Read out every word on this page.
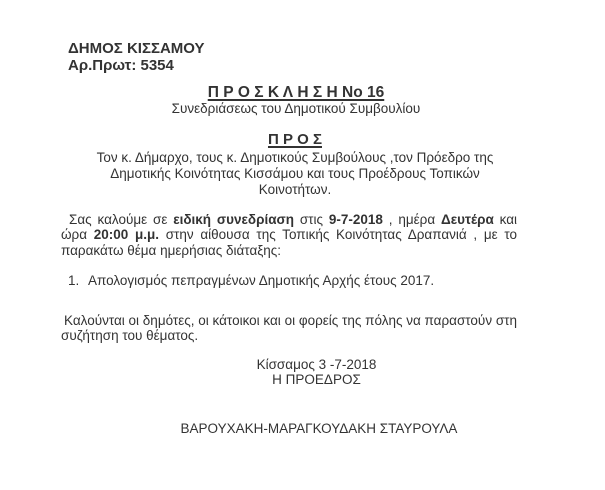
ΔΗΜΟΣ ΚΙΣΣΑΜΟΥ
Αρ.Πρωτ: 5354
Π Ρ Ο Σ Κ Λ Η Σ Η Νο 16
Συνεδριάσεως του Δημοτικού Συμβουλίου
Π Ρ Ο Σ

Τον κ. Δήμαρχο, τους κ. Δημοτικούς Συμβούλους ,τον Πρόεδρο της Δημοτικής Κοινότητας Κισσάμου και τους Προέδρους Τοπικών Κοινοτήτων.

Σας καλούμε σε ειδική συνεδρίαση στις 9-7-2018 , ημέρα Δευτέρα και ώρα 20:00 μ.μ. στην αίθουσα της Τοπικής Κοινότητας Δραπανιά , με το παρακάτω θέμα ημερήσιας διάταξης:

1. Απολογισμός πεπραγμένων Δημοτικής Αρχής έτους 2017.

Καλούνται οι δημότες, οι κάτοικοι και οι φορείς της πόλης να παραστούν στη συζήτηση του θέματος.

Κίσσαμος 3 -7-2018
Η ΠΡΟΕΔΡΟΣ
ΒΑΡΟΥΧΑΚΗ-ΜΑΡΑΓΚΟΥΔΑΚΗ ΣΤΑΥΡΟΥΛΑ
